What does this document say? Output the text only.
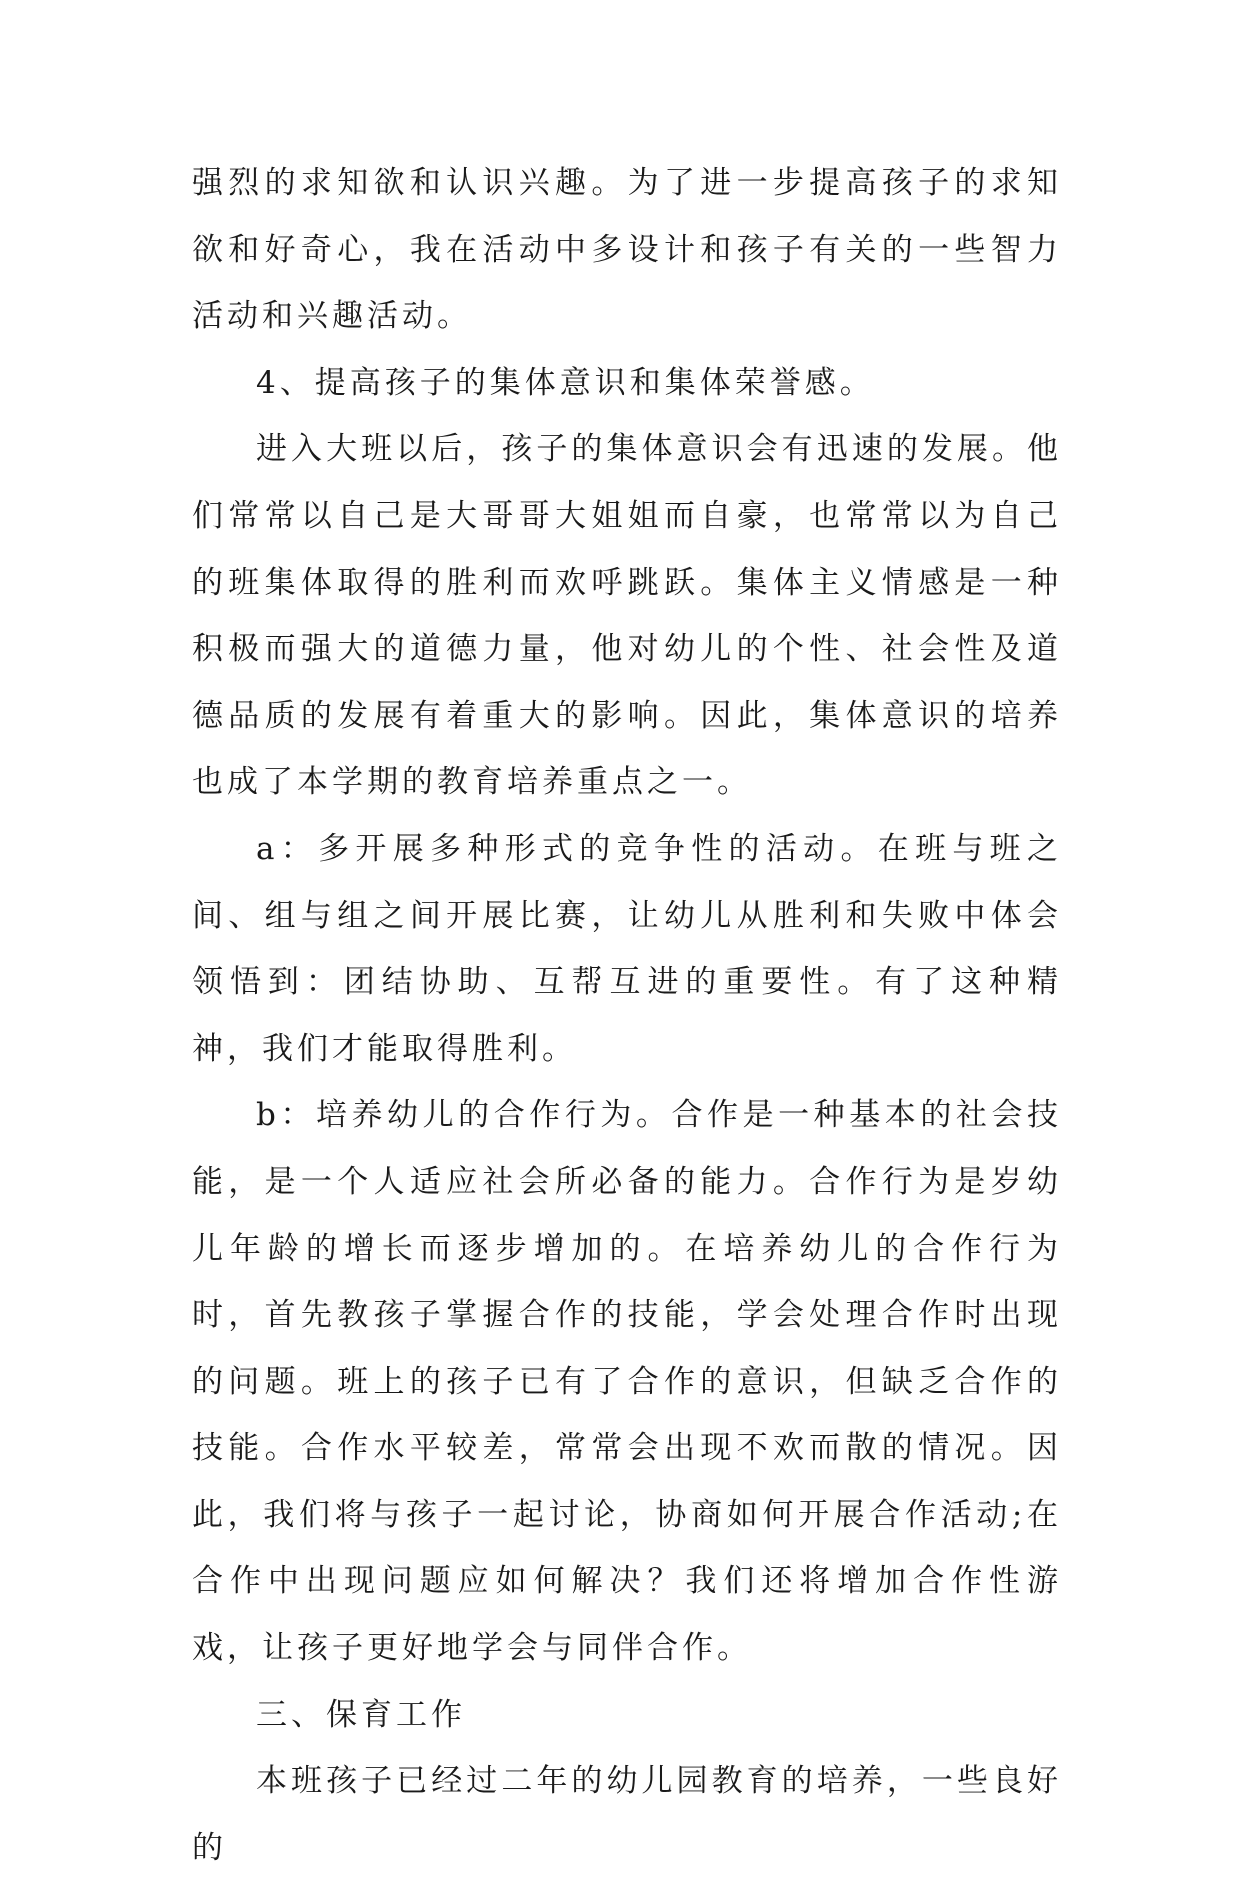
强烈的求知欲和认识兴趣。为了进一步提高孩子的求知欲和好奇心，我在活动中多设计和孩子有关的一些智力活动和兴趣活动。

4、提高孩子的集体意识和集体荣誉感。

进入大班以后，孩子的集体意识会有迅速的发展。他们常常以自己是大哥哥大姐姐而自豪，也常常以为自己的班集体取得的胜利而欢呼跳跃。集体主义情感是一种积极而强大的道德力量，他对幼儿的个性、社会性及道德品质的发展有着重大的影响。因此，集体意识的培养也成了本学期的教育培养重点之一。

a：多开展多种形式的竞争性的活动。在班与班之间、组与组之间开展比赛，让幼儿从胜利和失败中体会领悟到：团结协助、互帮互进的重要性。有了这种精神，我们才能取得胜利。

b：培养幼儿的合作行为。合作是一种基本的社会技能，是一个人适应社会所必备的能力。合作行为是岁幼儿年龄的增长而逐步增加的。在培养幼儿的合作行为时，首先教孩子掌握合作的技能，学会处理合作时出现的问题。班上的孩子已有了合作的意识，但缺乏合作的技能。合作水平较差，常常会出现不欢而散的情况。因此，我们将与孩子一起讨论，协商如何开展合作活动;在合作中出现问题应如何解决？我们还将增加合作性游戏，让孩子更好地学会与同伴合作。

三、保育工作

本班孩子已经过二年的幼儿园教育的培养，一些良好的
